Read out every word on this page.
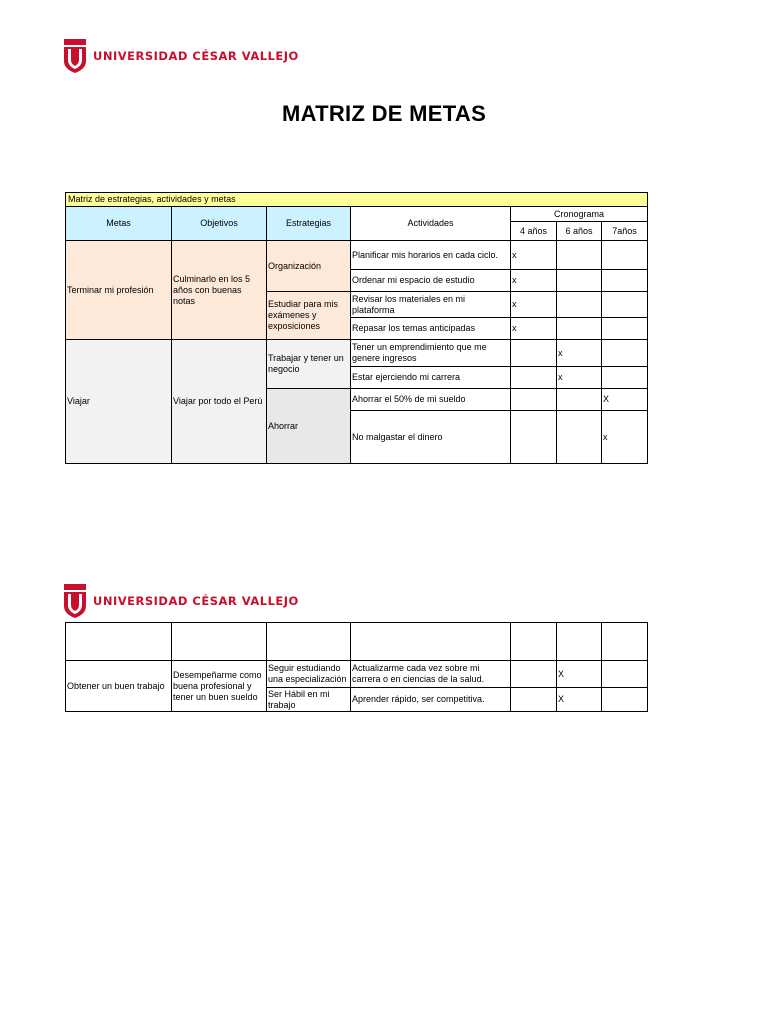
UNIVERSIDAD CÉSAR VALLEJO
MATRIZ DE METAS
Matriz de estrategias, actividades y metas						
Metas	Objetivos	Estrategias	Actividades	Cronograma		
				4 años	6 años	7años
Terminar mi profesión	Culminarlo en los 5 años con buenas notas	Organización	Planificar mis horarios en cada ciclo.	x		
			Ordenar mi espacio de estudio	x		
		Estudiar para mis exámenes y exposiciones	Revisar los materiales en mi plataforma	x		
			Repasar los temas anticipadas	x		
Viajar	Viajar por todo el Perú	Trabajar y tener un negocio	Tener un emprendimiento que me genere ingresos		x	
			Estar ejerciendo mi carrera		x	
		Ahorrar	Ahorrar el 50% de mi sueldo			X
			No malgastar el dinero			x
UNIVERSIDAD CÉSAR VALLEJO

Obtener un buen trabajo	Desempeñarme como buena profesional y tener un buen sueldo	Seguir estudiando una especialización	Actualizarme cada vez sobre mi carrera o en ciencias de la salud.		X	
		Ser Hábil en mi trabajo	Aprender rápido, ser competitiva.		X	
